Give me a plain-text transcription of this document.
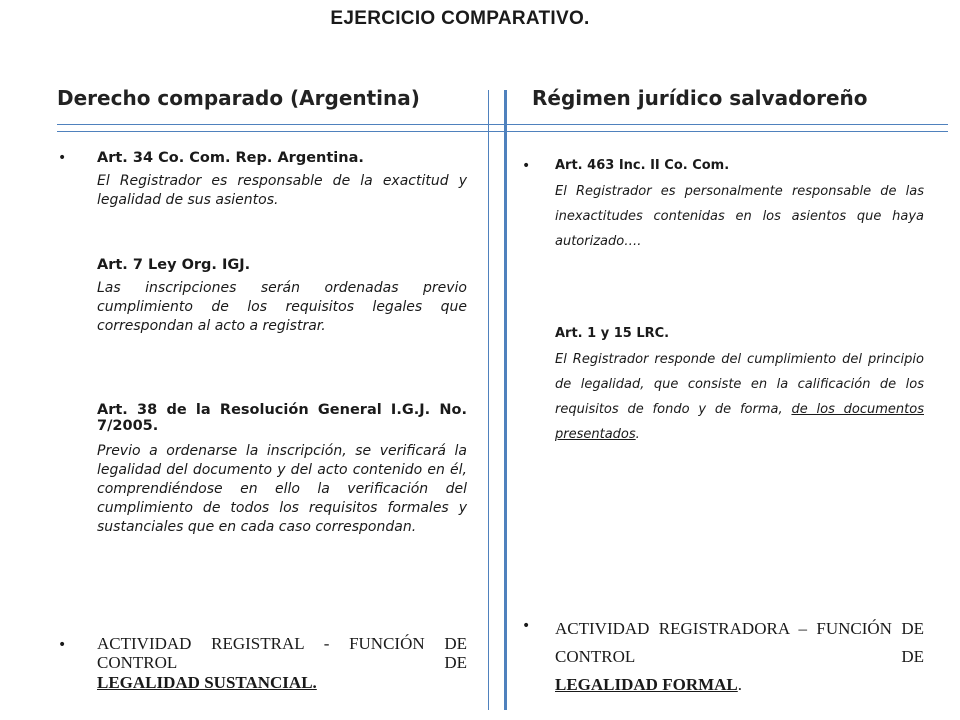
EJERCICIO COMPARATIVO.
Derecho comparado (Argentina)	Régimen jurídico salvadoreño
• Art. 34 Co. Com. Rep. Argentina.

El Registrador es responsable de la exactitud y legalidad de sus asientos.

Art. 7 Ley Org. IGJ.

Las inscripciones serán ordenadas previo cumplimiento de los requisitos legales que correspondan al acto a registrar.

Art. 38 de la Resolución General I.G.J. No. 7/2005.

Previo a ordenarse la inscripción, se verificará la legalidad del documento y del acto contenido en él, comprendiéndose en ello la verificación del cumplimiento de todos los requisitos formales y sustanciales que en cada caso correspondan.

• ACTIVIDAD REGISTRAL - FUNCIÓN DE CONTROL DE

LEGALIDAD SUSTANCIAL.

• Art. 463 Inc. II Co. Com.

El Registrador es personalmente responsable de las inexactitudes contenidas en los asientos que haya autorizado….

Art. 1 y 15 LRC.

El Registrador responde del cumplimiento del principio de legalidad, que consiste en la calificación de los requisitos de fondo y de forma, de los documentos presentados.

• ACTIVIDAD REGISTRADORA – FUNCIÓN DE CONTROL DE

LEGALIDAD FORMAL.
